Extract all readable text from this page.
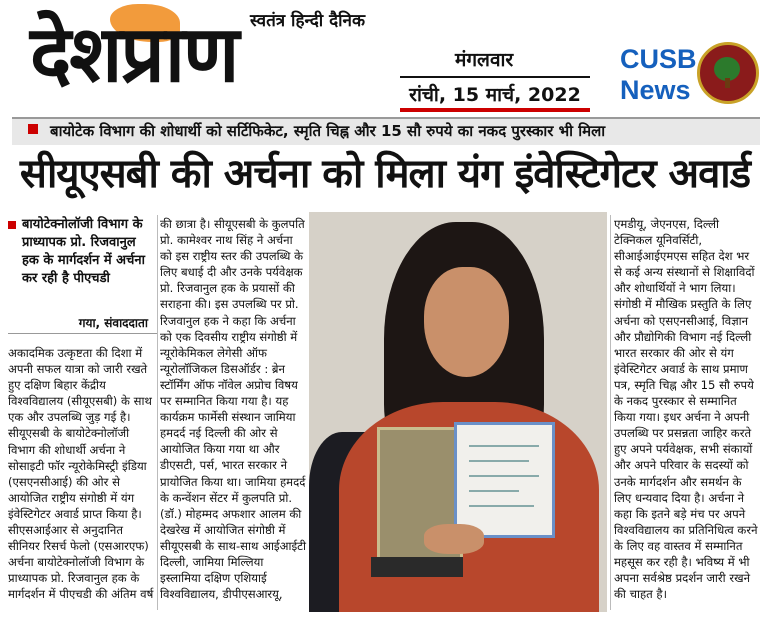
देशप्राण स्वतंत्र हिन्दी दैनिक
मंगलवार
रांची, 15 मार्च, 2022
CUSB
News
बायोटेक विभाग की शोधार्थी को सर्टिफिकेट, स्मृति चिह्न और 15 सौ रुपये का नकद पुरस्कार भी मिला
सीयूएसबी की अर्चना को मिला यंग इंवेस्टिगेटर अवार्ड
बायोटेक्नोलॉजी विभाग के प्राध्यापक प्रो. रिजवानुल हक के मार्गदर्शन में अर्चना कर रही है पीएचडी
गया, संवाददाता
अकादमिक उत्कृष्टता की दिशा में अपनी सफल यात्रा को जारी रखते हुए दक्षिण बिहार केंद्रीय विश्वविद्यालय (सीयूएसबी) के साथ एक और उपलब्धि जुड़ गई है। सीयूएसबी के बायोटेक्नोलॉजी विभाग की शोधार्थी अर्चना ने सोसाइटी फॉर न्यूरोकेमिस्ट्री इंडिया (एसएनसीआई) की ओर से आयोजित राष्ट्रीय संगोष्ठी में यंग इंवेस्टिगेटर अवार्ड प्राप्त किया है। सीएसआईआर से अनुदानित सीनियर रिसर्च फेलो (एसआरएफ) अर्चना बायोटेक्नोलॉजी विभाग के प्राध्यापक प्रो. रिजवानुल हक के मार्गदर्शन में पीएचडी की अंतिम वर्ष
की छात्रा है। सीयूएसबी के कुलपति प्रो. कामेश्वर नाथ सिंह ने अर्चना को इस राष्ट्रीय स्तर की उपलब्धि के लिए बधाई दी और उनके पर्यवेक्षक प्रो. रिजवानुल हक के प्रयासों की सराहना की। इस उपलब्धि पर प्रो. रिजवानुल हक ने कहा कि अर्चना को एक दिवसीय राष्ट्रीय संगोष्ठी में न्यूरोकेमिकल लेगेसी ऑफ न्यूरोलॉजिकल डिसऑर्डर : ब्रेन स्टॉर्मिंग ऑफ नॉवेल अप्रोच विषय पर सम्मानित किया गया है। यह कार्यक्रम फार्मेसी संस्थान जामिया हमदर्द नई दिल्ली की ओर से आयोजित किया गया था और डीएसटी, पर्स, भारत सरकार ने प्रायोजित किया था। जामिया हमदर्द के कन्वेंशन सेंटर में कुलपति प्रो. (डॉ.) मोहम्मद अफशार आलम की देखरेख में आयोजित संगोष्ठी में सीयूएसबी के साथ-साथ आईआईटी दिल्ली, जामिया मिल्लिया इस्लामिया दक्षिण एशियाई विश्वविद्यालय, डीपीएसआरयू,
एमडीयू, जेएनएस, दिल्ली टेक्निकल यूनिवर्सिटी, सीआईआईएमएस सहित देश भर से कई अन्य संस्थानों से शिक्षाविदों और शोधार्थियों ने भाग लिया।संगोष्ठी में मौखिक प्रस्तुति के लिए अर्चना को एसएनसीआई, विज्ञान और प्रौद्योगिकी विभाग नई दिल्ली भारत सरकार की ओर से यंग इंवेस्टिगेटर अवार्ड के साथ प्रमाण पत्र, स्मृति चिह्न और 15 सौ रुपये के नकद पुरस्कार से सम्मानित किया गया। इधर अर्चना ने अपनी उपलब्धि पर प्रसन्नता जाहिर करते हुए अपने पर्यवेक्षक, सभी संकायों और अपने परिवार के सदस्यों को उनके मार्गदर्शन और समर्थन के लिए धन्यवाद दिया है। अर्चना ने कहा कि इतने बड़े मंच पर अपने विश्वविद्यालय का प्रतिनिधित्व करने के लिए वह वास्तव में सम्मानित महसूस कर रही है। भविष्य में भी अपना सर्वश्रेष्ठ प्रदर्शन जारी रखने की चाहत है।
